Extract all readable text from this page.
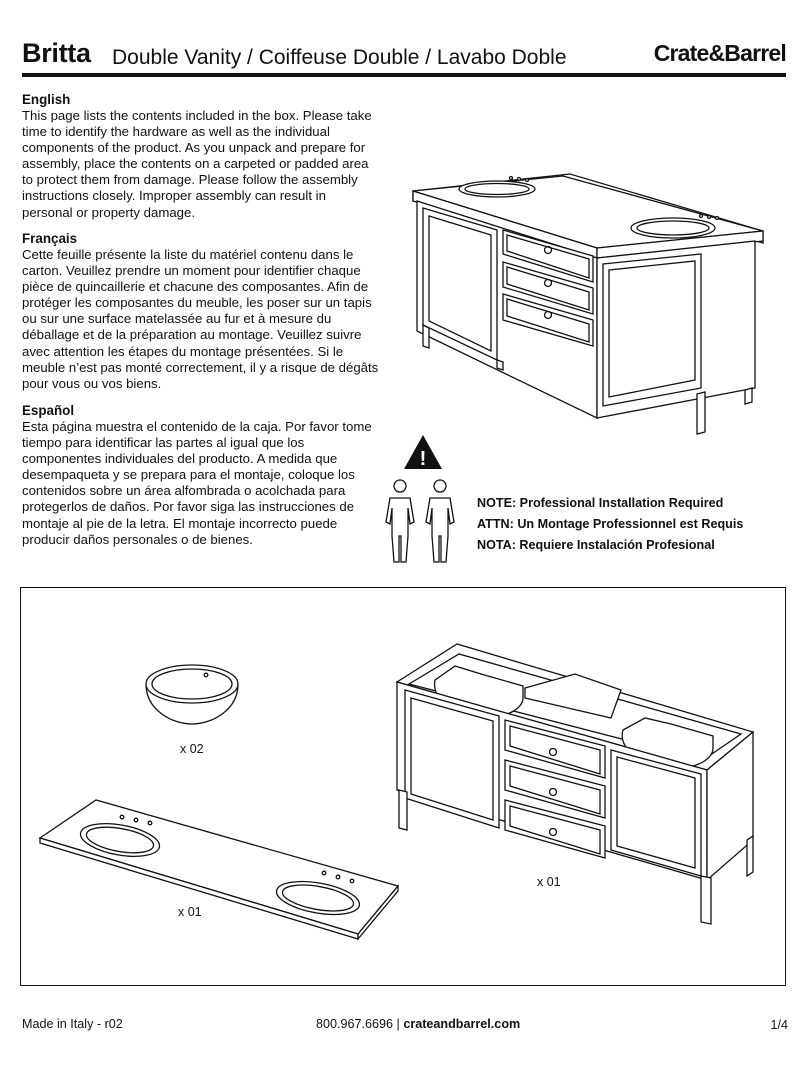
Britta Double Vanity / Coiffeuse Double / Lavabo Doble	Crate&Barrel
English

This page lists the contents included in the box. Please take time to identify the hardware as well as the individual components of the product. As you unpack and prepare for assembly, place the contents on a carpeted or padded area to protect them from damage. Please follow the assembly instructions closely. Improper assembly can result in personal or property damage.

Français

Cette feuille présente la liste du matériel contenu dans le carton. Veuillez prendre un moment pour identifier chaque pièce de quincaillerie et chacune des composantes. Afin de protéger les composantes du meuble, les poser sur un tapis ou sur une surface matelassée au fur et à mesure du déballage et de la préparation au montage. Veuillez suivre avec attention les étapes du montage présentées. Si le meuble n’est pas monté correctement, il y a risque de dégâts pour vous ou vos biens.

Español

Esta página muestra el contenido de la caja. Por favor tome tiempo para identificar las partes al igual que los componentes individuales del producto. A medida que desempaqueta y se prepara para el montaje, coloque los contenidos sobre un área alfombrada o acolchada para protegerlos de daños. Por favor siga las instrucciones de montaje al pie de la letra. El montaje incorrecto puede producir daños personales o de bienes.

!
NOTE: Professional Installation Required
ATTN: Un Montage Professionnel est Requis
NOTA: Requiere Instalación Profesional
x 02
x 01
x 01
Made in Italy - r02	800.967.6696 | crateandbarrel.com	1/4
